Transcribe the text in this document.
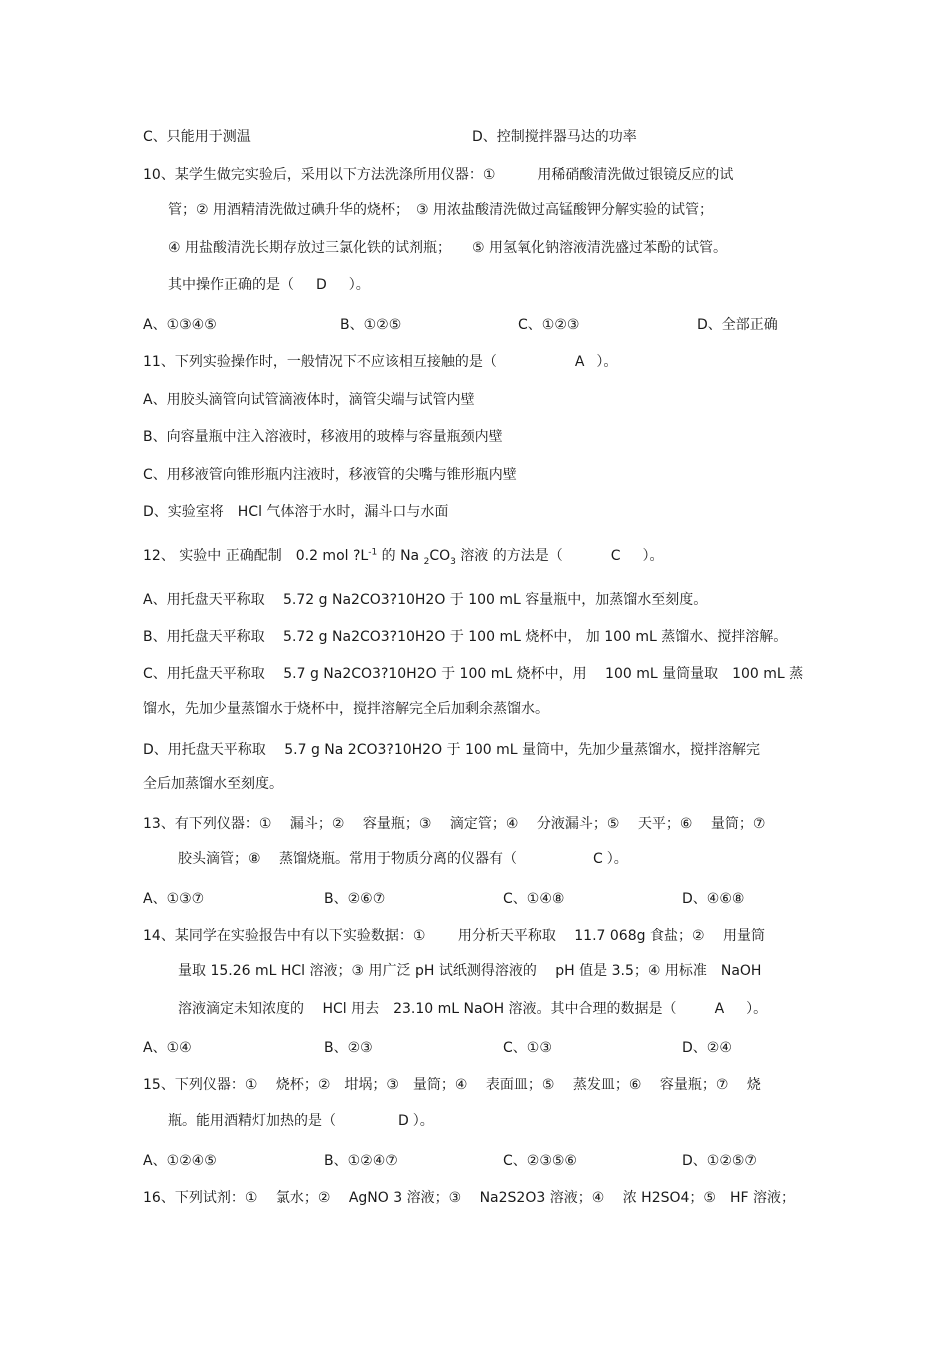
C、只能用于测温	D、控制搅拌器马达的功率
10、某学生做完实验后，采用以下方法洗涤所用仪器：①　　　用稀硝酸清洗做过银镜反应的试
管；② 用酒精清洗做过碘升华的烧杯；　③ 用浓盐酸清洗做过高锰酸钾分解实验的试管；
④ 用盐酸清洗长期存放过三氯化铁的试剂瓶；　　⑤ 用氢氧化钠溶液清洗盛过苯酚的试管。
其中操作正确的是（ D ）。
A、①③④⑤	B、①②⑤	C、①②③	D、全部正确
11、下列实验操作时，一般情况下不应该相互接触的是（	A ）。
A、用胶头滴管向试管滴液体时，滴管尖端与试管内壁
B、向容量瓶中注入溶液时，移液用的玻棒与容量瓶颈内壁
C、用移液管向锥形瓶内注液时，移液管的尖嘴与锥形瓶内壁
D、实验室将　HCl 气体溶于水时，漏斗口与水面
12、 实验中 正确配制　0.2 mol $?L^{-1}$ 的 Na $_2CO_3$ 溶液 的方法是（	C ）。
A、用托盘天平称取　 5.72 g Na2CO3?10H2O 于 100 mL 容量瓶中，加蒸馏水至刻度。
B、用托盘天平称取　 5.72 g Na2CO3?10H2O 于 100 mL 烧杯中， 加 100 mL 蒸馏水、搅拌溶解。
C、用托盘天平称取　 5.7 g Na2CO3?10H2O 于 100 mL 烧杯中，用　 100 mL 量筒量取　100 mL 蒸
馏水，先加少量蒸馏水于烧杯中，搅拌溶解完全后加剩余蒸馏水。
D、用托盘天平称取　 5.7 g Na 2CO3?10H2O 于 100 mL 量筒中，先加少量蒸馏水，搅拌溶解完
全后加蒸馏水至刻度。
13、有下列仪器：①　 漏斗；②　 容量瓶；③　 滴定管；④　 分液漏斗；⑤　 天平；⑥　 量筒；⑦
胶头滴管；⑧　 蒸馏烧瓶。常用于物质分离的仪器有（	C ）。
A、①③⑦	B、②⑥⑦	C、①④⑧	D、④⑥⑧
14、某同学在实验报告中有以下实验数据：①　　 用分析天平称取　 11.7 068g 食盐；②　 用量筒
量取 15.26 mL HCl 溶液；③ 用广泛 pH 试纸测得溶液的　 pH 值是 3.5；④ 用标准　NaOH
溶液滴定未知浓度的　 HCl 用去　23.10 mL NaOH 溶液。其中合理的数据是（	A ）。
A、①④	B、②③	C、①③	D、②④
15、下列仪器：①　 烧杯；②　坩埚；③　量筒；④　 表面皿；⑤　 蒸发皿；⑥　 容量瓶；⑦　 烧
瓶。能用酒精灯加热的是（	D ）。
A、①②④⑤	B、①②④⑦	C、②③⑤⑥	D、①②⑤⑦
16、下列试剂：①　 氯水；②　 AgNO 3 溶液；③　 Na2S2O3 溶液；④　 浓 H2SO4；⑤　HF 溶液；
